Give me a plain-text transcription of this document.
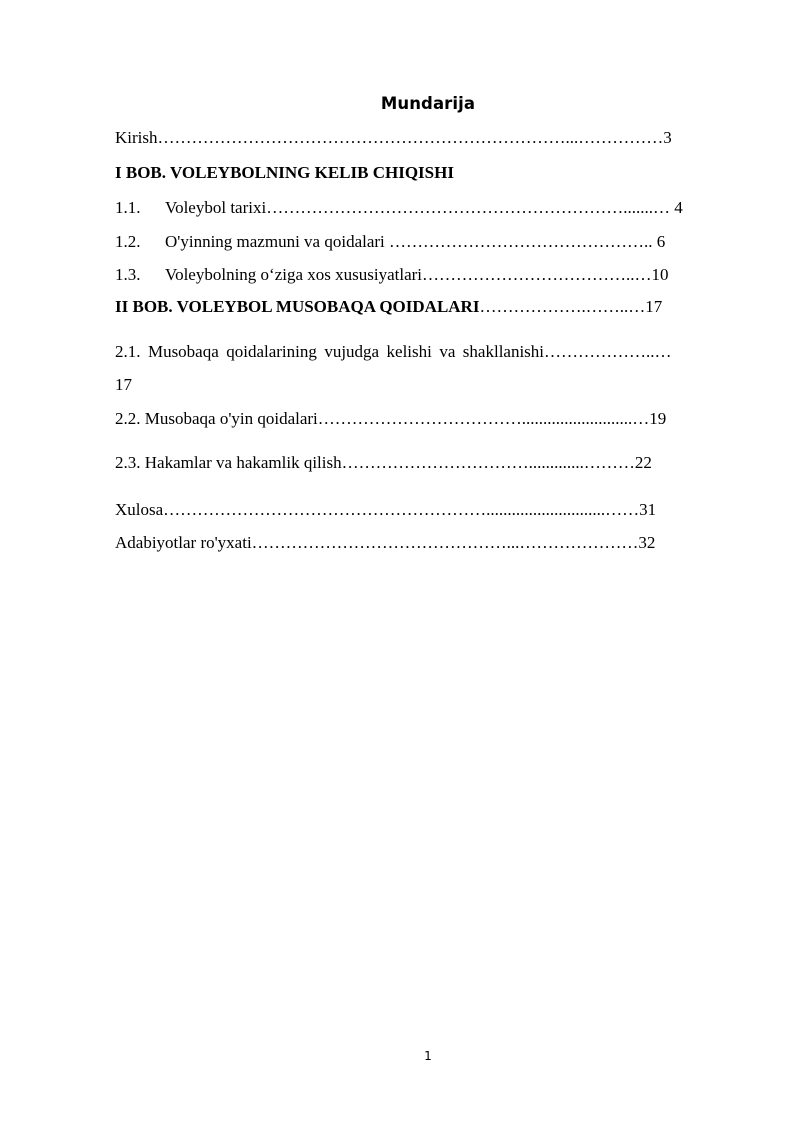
Mundarija
Kirish………………………………………………………………...……………3
I BOB. VOLEYBOLNING KELIB CHIQISHI
1.1. Voleybol tarixi……………………………………………………….......… 4
1.2. O'yinning mazmuni va qoidalari ……………………………………….. 6
1.3. Voleybolning o‘ziga xos xususiyatlari………………………………..…10
II BOB. VOLEYBOL MUSOBAQA QOIDALARI……………….……..…17
2.1. Musobaqa qoidalarining vujudga kelishi va shakllanishi………………..…
17
2.2. Musobaqa o'yin qoidalari………………………………..........................…19
2.3. Hakamlar va hakamlik qilish…………………………….............………22
Xulosa…………………………………………………............................……31
Adabiyotlar ro'yxati………………………………………...…………………32
1
